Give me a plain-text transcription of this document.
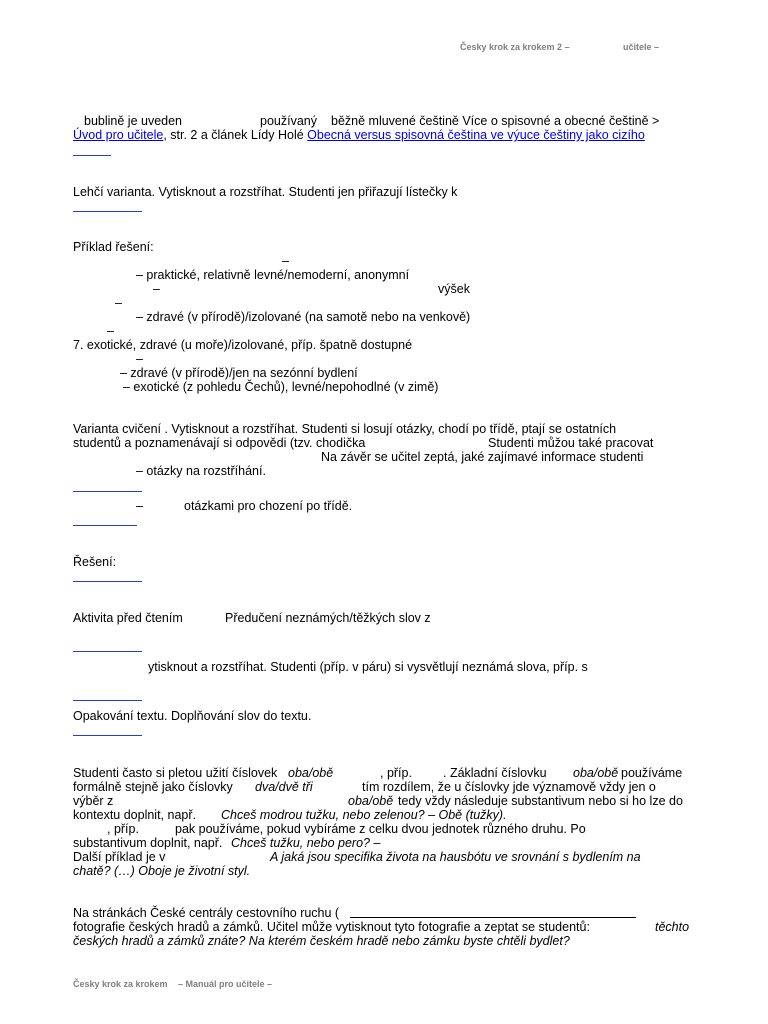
Česky krok za krokem 2 –	učitele –
bublině je uveden	používaný běžně mluvené češtině Více o spisovné a obecné češtině >
Úvod pro učitele, str. 2 a článek Lídy Holé Obecná versus spisovná čeština ve výuce češtiny jako cizího
Lehčí varianta. Vytisknout a rozstříhat. Studenti jen přiřazují lístečky k
Příklad řešení:
–
– praktické, relativně levné/nemoderní, anonymní
–	výšek
–
– zdravé (v přírodě)/izolované (na samotě nebo na venkově)
–
7. exotické, zdravé (u moře)/izolované, příp. špatně dostupné
–
– zdravé (v přírodě)/jen na sezónní bydlení
– exotické (z pohledu Čechů), levné/nepohodlné (v zimě)
Varianta cvičení . Vytisknout a rozstříhat. Studenti si losují otázky, chodí po třídě, ptají se ostatních
studentů a poznamenávají si odpovědi (tzv. chodička	Studenti můžou také pracovat
Na závěr se učitel zeptá, jaké zajímavé informace studenti
– otázky na rozstříhání.
–	otázkami pro chození po třídě.
Řešení:
Aktivita před čtením	Předučení neznámých/těžkých slov z
ytisknout a rozstříhat. Studenti (příp. v páru) si vysvětlují neznámá slova, příp. s
Opakování textu. Doplňování slov do textu.
Studenti často si pletou užití číslovek oba/obě	, příp. . Základní číslovku oba/obě používáme
formálně stejně jako číslovky dva/dvě tři	tím rozdílem, že u číslovky jde významově vždy jen o
výběr z	oba/obě tedy vždy následuje substantivum nebo si ho lze do
kontextu doplnit, např. Chceš modrou tužku, nebo zelenou? – Obě (tužky).
, příp.	pak používáme, pokud vybíráme z celku dvou jednotek různého druhu. Po
substantivum doplnit, např. Chceš tužku, nebo pero? –
Další příklad je v	A jaká jsou specifika života na hausbótu ve srovnání s bydlením na
chatě? (…) Oboje je životní styl.
Na stránkách České centrály cestovního ruchu (
fotografie českých hradů a zámků. Učitel může vytisknout tyto fotografie a zeptat se studentů:	těchto
českých hradů a zámků znáte? Na kterém českém hradě nebo zámku byste chtěli bydlet?
Česky krok za krokem – Manuál pro učitele –
